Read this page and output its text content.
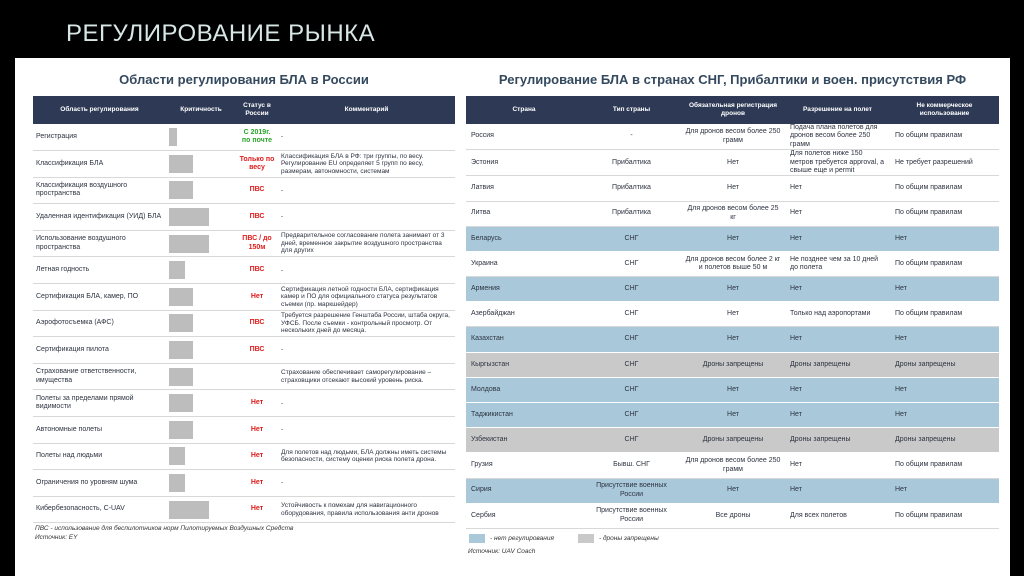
РЕГУЛИРОВАНИЕ РЫНКА
Области регулирования БЛА в России
Область регулирования	Критичность	Статус в России	Комментарий
Регистрация		С 2019г. по почте	-
Классификация БЛА		Только по весу	Классификация БЛА в РФ: три группы, по весу. Регулирование EU определяет 5 групп по весу, размерам, автономности, системам
Классификация воздушного пространства		ПВС	-
Удаленная идентификация (УИД) БЛА		ПВС	-
Использование воздушного пространства		ПВС / до 150м	Предварительное согласование полета занимает от 3 дней, временное закрытие воздушного пространства для других
Летная годность		ПВС	-
Сертификация БЛА, камер, ПО		Нет	Сертификация летной годности БЛА, сертификация камер и ПО для официального статуса результатов съемки (пр. маркшейдер)
Аэрофотосъемка (АФС)		ПВС	Требуется разрешение Генштаба России, штаба округа, УФСБ. После съемки - контрольный просмотр. От нескольких дней до месяца.
Сертификация пилота		ПВС	-
Страхование ответственности, имущества			Страхование обеспечивает саморегулирование – страховщики отсекают высокий уровень риска.
Полеты за пределами прямой видимости		Нет	-
Автономные полеты		Нет	-
Полеты над людьми		Нет	Для полетов над людьми, БЛА должны иметь системы безопасности, систему оценки риска полета дрона.
Ограничения по уровням шума		Нет	-
Кибербезопасность, C-UAV		Нет	Устойчивость к помехам для навигационного оборудования, правила использования анти дронов
ПВС - использование для беспилотников норм Пилотируемых Воздушных Средств
Источник: EY
Регулирование БЛА в странах СНГ, Прибалтики и воен. присутствия РФ
Страна	Тип страны	Обязательная регистрация дронов	Разрешение на полет	Не коммерческое использование
Россия	-	Для дронов весом более 250 грамм	Подача плана полетов для дронов весом более 250 грамм	По общим правилам
Эстония	Прибалтика	Нет	Для полетов ниже 150 метров требуется approval, а свыше еще и permit	Не требует разрешений
Латвия	Прибалтика	Нет	Нет	По общим правилам
Литва	Прибалтика	Для дронов весом более 25 кг	Нет	По общим правилам
Беларусь	СНГ	Нет	Нет	Нет
Украина	СНГ	Для дронов весом более 2 кг и полетов выше 50 м	Не позднее чем за 10 дней до полета	По общим правилам
Армения	СНГ	Нет	Нет	Нет
Азербайджан	СНГ	Нет	Только над аэропортами	По общим правилам
Казахстан	СНГ	Нет	Нет	Нет
Кыргызстан	СНГ	Дроны запрещены	Дроны запрещены	Дроны запрещены
Молдова	СНГ	Нет	Нет	Нет
Таджикистан	СНГ	Нет	Нет	Нет
Узбекистан	СНГ	Дроны запрещены	Дроны запрещены	Дроны запрещены
Грузия	Бывш. СНГ	Для дронов весом более 250 грамм	Нет	По общим правилам
Сирия	Присутствие военных России	Нет	Нет	Нет
Сербия	Присутствие военных России	Все дроны	Для всех полетов	По общим правилам
- нет регулирования	- дроны запрещены
Источник: UAV Coach
